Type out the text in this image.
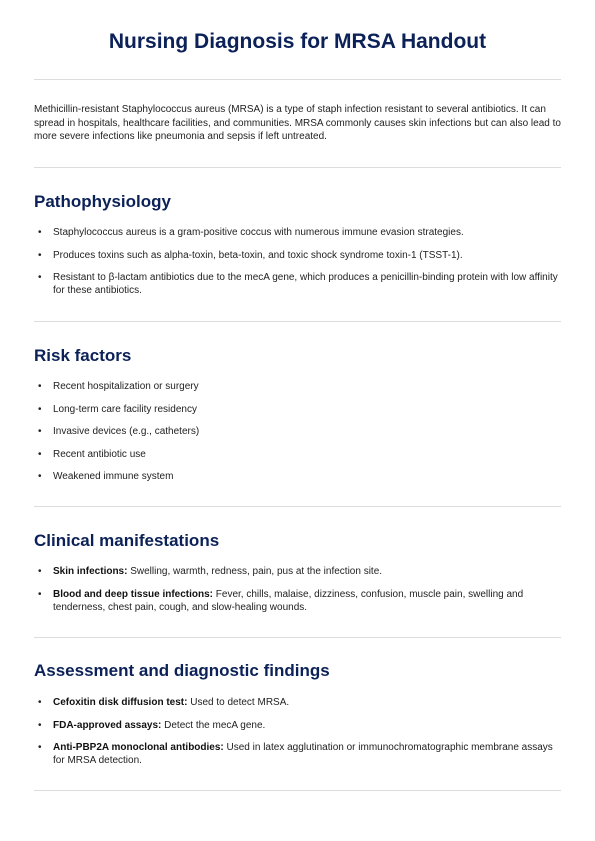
Nursing Diagnosis for MRSA Handout

Methicillin-resistant Staphylococcus aureus (MRSA) is a type of staph infection resistant to several antibiotics. It can spread in hospitals, healthcare facilities, and communities. MRSA commonly causes skin infections but can also lead to more severe infections like pneumonia and sepsis if left untreated.

Pathophysiology
• Staphylococcus aureus is a gram-positive coccus with numerous immune evasion strategies.
• Produces toxins such as alpha-toxin, beta-toxin, and toxic shock syndrome toxin-1 (TSST-1).
• Resistant to β-lactam antibiotics due to the mecA gene, which produces a penicillin-binding protein with low affinity for these antibiotics.
Risk factors
• Recent hospitalization or surgery
• Long-term care facility residency
• Invasive devices (e.g., catheters)
• Recent antibiotic use
• Weakened immune system
Clinical manifestations
• Skin infections: Swelling, warmth, redness, pain, pus at the infection site.
• Blood and deep tissue infections: Fever, chills, malaise, dizziness, confusion, muscle pain, swelling and tenderness, chest pain, cough, and slow-healing wounds.
Assessment and diagnostic findings
• Cefoxitin disk diffusion test: Used to detect MRSA.
• FDA-approved assays: Detect the mecA gene.
• Anti-PBP2A monoclonal antibodies: Used in latex agglutination or immunochromatographic membrane assays for MRSA detection.
